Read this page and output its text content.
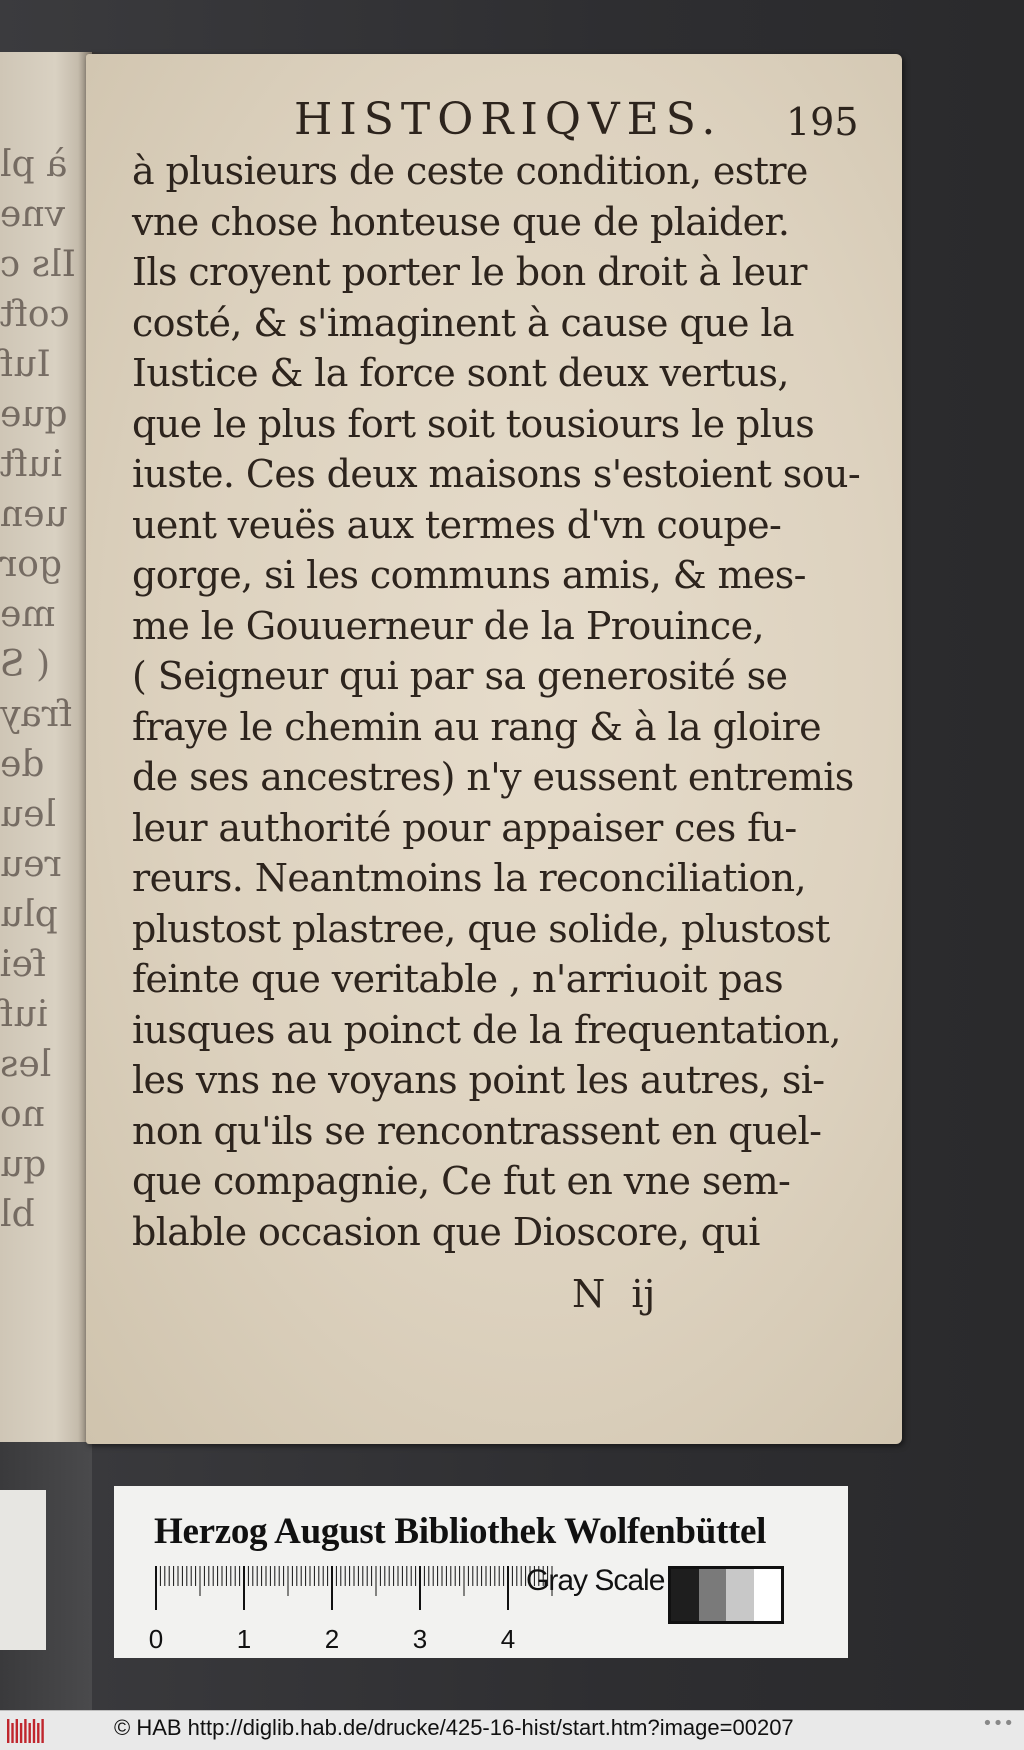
à pl
vne
Ils c
coft
Iuf
que
iuft
uen
gor
me
( S
fray
de
leu
reu
plu
fei
iuf
les
no
qu
bl
HISTORIQVES. 195
à plusieurs de ceste condition, estre
vne chose honteuse que de plaider.
Ils croyent porter le bon droit à leur
costé, & s'imaginent à cause que la
Iustice & la force sont deux vertus,
que le plus fort soit tousiours le plus
iuste. Ces deux maisons s'estoient sou-
uent veuës aux termes d'vn coupe-
gorge, si les communs amis, & mes-
me le Gouuerneur de la Prouince,
( Seigneur qui par sa generosité se
fraye le chemin au rang & à la gloire
de ses ancestres) n'y eussent entremis
leur authorité pour appaiser ces fu-
reurs. Neantmoins la reconciliation,
plustost plastree, que solide, plustost
feinte que veritable , n'arriuoit pas
iusques au poinct de la frequentation,
les vns ne voyans point les autres, si-
non qu'ils se rencontrassent en quel-
que compagnie, Ce fut en vne sem-
blable occasion que Dioscore, qui
N ij
Herzog August Bibliothek Wolfenbüttel
0	1	2	3	4
Gray Scale
© HAB http://diglib.hab.de/drucke/425-16-hist/start.htm?image=00207	•••
